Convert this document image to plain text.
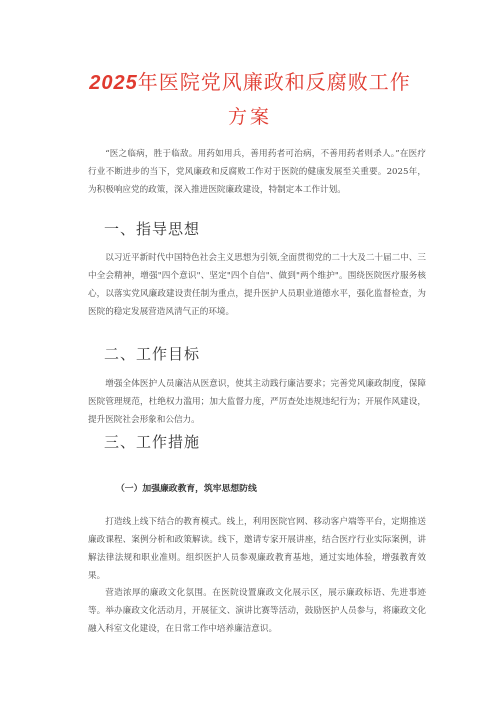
2025年医院党风廉政和反腐败工作
方案

“医之临病，胜于临敌。用药如用兵，善用药者可治病，不善用药者则杀人。”在医疗行业不断进步的当下，党风廉政和反腐败工作对于医院的健康发展至关重要。2025年，为积极响应党的政策，深入推进医院廉政建设，特制定本工作计划。

一、指导思想

以习近平新时代中国特色社会主义思想为引领,全面贯彻党的二十大及二十届二中、三中全会精神，增强"四个意识"、坚定"四个自信"、做到"两个维护"。围绕医院医疗服务核心，以落实党风廉政建设责任制为重点，提升医护人员职业道德水平，强化监督检查，为医院的稳定发展营造风清气正的环境。

二、工作目标

增强全体医护人员廉洁从医意识，使其主动践行廉洁要求；完善党风廉政制度，保障医院管理规范，杜绝权力滥用；加大监督力度，严厉查处违规违纪行为；开展作风建设，提升医院社会形象和公信力。

三、工作措施
（一）加强廉政教育，筑牢思想防线

打造线上线下结合的教育模式。线上，利用医院官网、移动客户端等平台，定期推送廉政课程、案例分析和政策解读。线下，邀请专家开展讲座，结合医疗行业实际案例，讲解法律法规和职业准则。组织医护人员参观廉政教育基地，通过实地体验，增强教育效果。

营造浓厚的廉政文化氛围。在医院设置廉政文化展示区，展示廉政标语、先进事迹等。举办廉政文化活动月，开展征文、演讲比赛等活动，鼓励医护人员参与，将廉政文化融入科室文化建设，在日常工作中培养廉洁意识。
